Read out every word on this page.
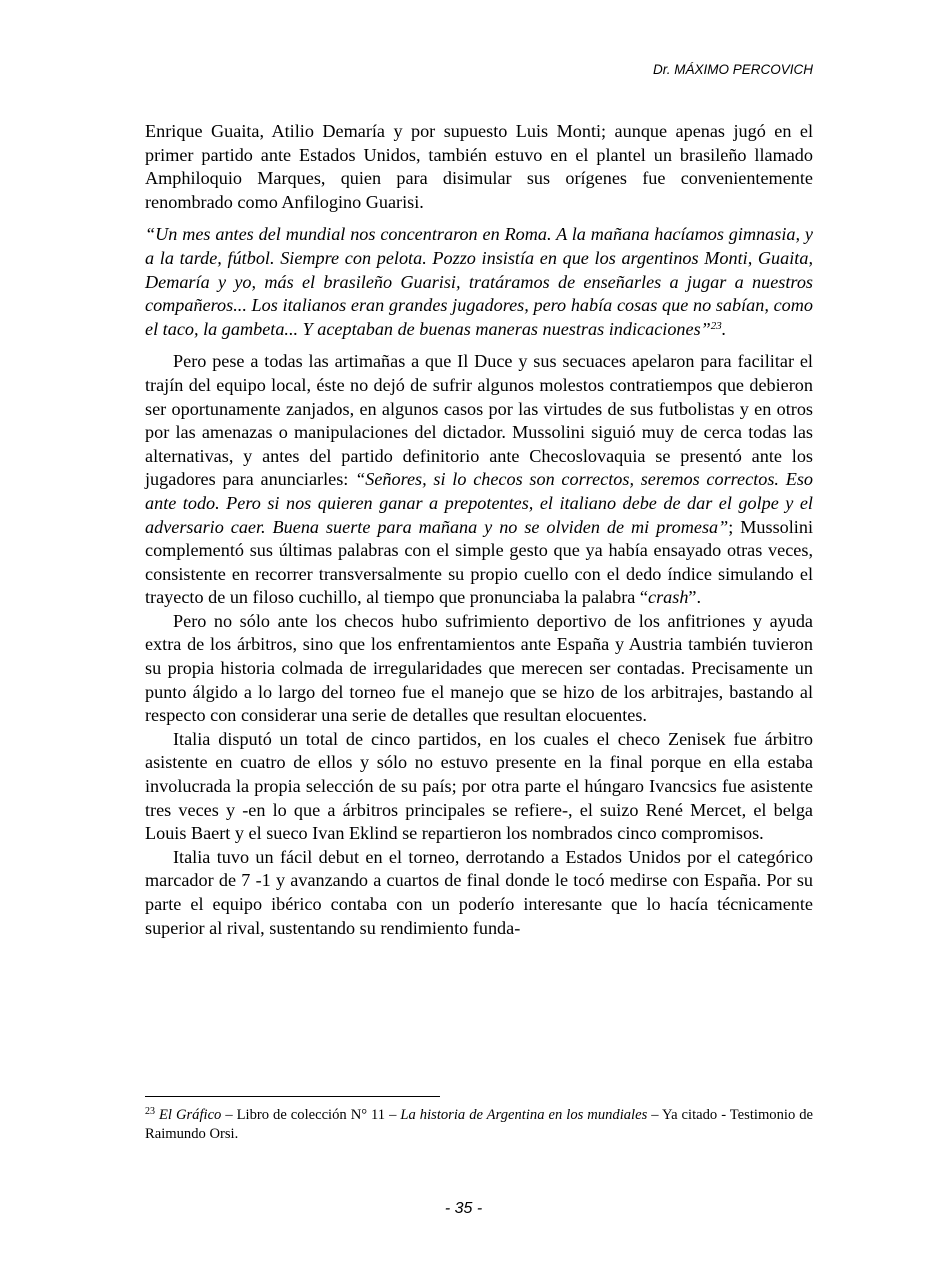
Dr. MÁXIMO PERCOVICH

Enrique Guaita, Atilio Demaría y por supuesto Luis Monti; aunque apenas jugó en el primer partido ante Estados Unidos, también estuvo en el plantel un brasileño llamado Amphiloquio Marques, quien para disimular sus orígenes fue convenientemente renombrado como Anfilogino Guarisi.

“Un mes antes del mundial nos concentraron en Roma. A la mañana hacíamos gimnasia, y a la tarde, fútbol. Siempre con pelota. Pozzo insistía en que los argentinos Monti, Guaita, Demaría y yo, más el brasileño Guarisi, tratáramos de enseñarles a jugar a nuestros compañeros... Los italianos eran grandes jugadores, pero había cosas que no sabían, como el taco, la gambeta... Y aceptaban de buenas maneras nuestras indicaciones”$^{23}$.

Pero pese a todas las artimañas a que Il Duce y sus secuaces apelaron para facilitar el trajín del equipo local, éste no dejó de sufrir algunos molestos contratiempos que debieron ser oportunamente zanjados, en algunos casos por las virtudes de sus futbolistas y en otros por las amenazas o manipulaciones del dictador. Mussolini siguió muy de cerca todas las alternativas, y antes del partido definitorio ante Checoslovaquia se presentó ante los jugadores para anunciarles: “Señores, si lo checos son correctos, seremos correctos. Eso ante todo. Pero si nos quieren ganar a prepotentes, el italiano debe de dar el golpe y el adversario caer. Buena suerte para mañana y no se olviden de mi promesa”; Mussolini complementó sus últimas palabras con el simple gesto que ya había ensayado otras veces, consistente en recorrer transversalmente su propio cuello con el dedo índice simulando el trayecto de un filoso cuchillo, al tiempo que pronunciaba la palabra “crash”.

Pero no sólo ante los checos hubo sufrimiento deportivo de los anfitriones y ayuda extra de los árbitros, sino que los enfrentamientos ante España y Austria también tuvieron su propia historia colmada de irregularidades que merecen ser contadas. Precisamente un punto álgido a lo largo del torneo fue el manejo que se hizo de los arbitrajes, bastando al respecto con considerar una serie de detalles que resultan elocuentes.

Italia disputó un total de cinco partidos, en los cuales el checo Zenisek fue árbitro asistente en cuatro de ellos y sólo no estuvo presente en la final porque en ella estaba involucrada la propia selección de su país; por otra parte el húngaro Ivancsics fue asistente tres veces y -en lo que a árbitros principales se refiere-, el suizo René Mercet, el belga Louis Baert y el sueco Ivan Eklind se repartieron los nombrados cinco compromisos.

Italia tuvo un fácil debut en el torneo, derrotando a Estados Unidos por el categórico marcador de 7 -1 y avanzando a cuartos de final donde le tocó medirse con España. Por su parte el equipo ibérico contaba con un poderío interesante que lo hacía técnicamente superior al rival, sustentando su rendimiento funda-

$^{23}$ El Gráfico – Libro de colección N° 11 – La historia de Argentina en los mundiales – Ya citado - Testimonio de Raimundo Orsi.
- 35 -
